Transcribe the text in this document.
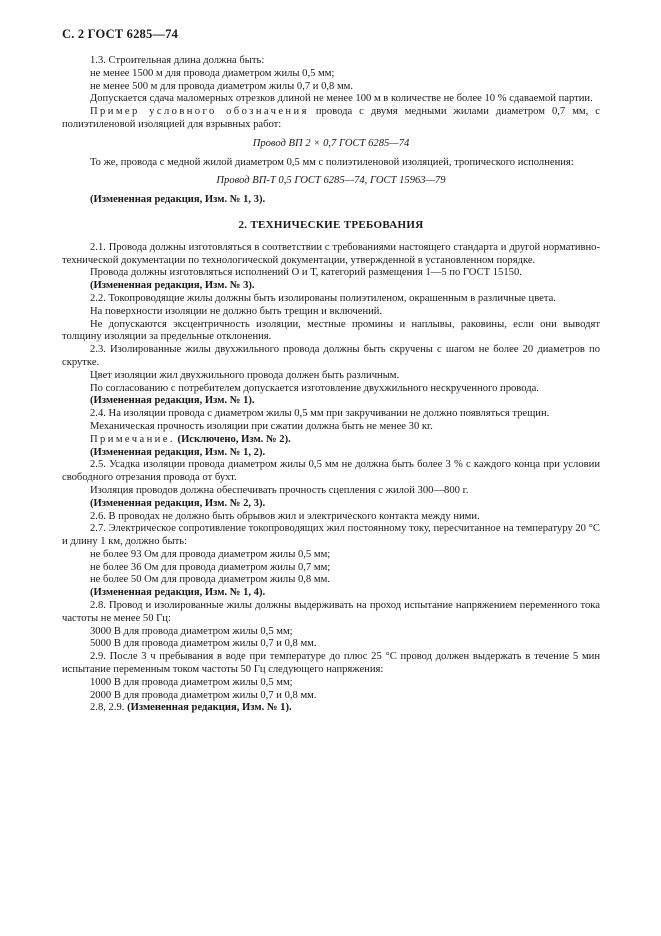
С. 2 ГОСТ 6285—74

1.3. Строительная длина должна быть:

не менее 1500 м для провода диаметром жилы 0,5 мм;

не менее 500 м для провода диаметром жилы 0,7 и 0,8 мм.

Допускается сдача маломерных отрезков длиной не менее 100 м в количестве не более 10 % сдаваемой партии.

Пример условного обозначения провода с двумя медными жилами диаметром 0,7 мм, с полиэтиленовой изоляцией для взрывных работ:

Провод ВП 2 × 0,7 ГОСТ 6285—74

То же, провода с медной жилой диаметром 0,5 мм с полиэтиленовой изоляцией, тропического исполнения:

Провод ВП-Т 0,5 ГОСТ 6285—74, ГОСТ 15963—79

(Измененная редакция, Изм. № 1, 3).

2. ТЕХНИЧЕСКИЕ ТРЕБОВАНИЯ

2.1. Провода должны изготовляться в соответствии с требованиями настоящего стандарта и другой нормативно-технической документации по технологической документации, утвержденной в установленном порядке.

Провода должны изготовляться исполнений О и Т, категорий размещения 1—5 по ГОСТ 15150.

(Измененная редакция, Изм. № 3).

2.2. Токопроводящие жилы должны быть изолированы полиэтиленом, окрашенным в различные цвета.

На поверхности изоляции не должно быть трещин и включений.

Не допускаются эксцентричность изоляции, местные промины и наплывы, раковины, если они выводят толщину изоляции за предельные отклонения.

2.3. Изолированные жилы двухжильного провода должны быть скручены с шагом не более 20 диаметров по скрутке.

Цвет изоляции жил двухжильного провода должен быть различным.

По согласованию с потребителем допускается изготовление двухжильного нескрученного провода.

(Измененная редакция, Изм. № 1).

2.4. На изоляции провода с диаметром жилы 0,5 мм при закручивании не должно появляться трещин.

Механическая прочность изоляции при сжатии должна быть не менее 30 кг.

Примечание. (Исключено, Изм. № 2).

(Измененная редакция, Изм. № 1, 2).

2.5. Усадка изоляции провода диаметром жилы 0,5 мм не должна быть более 3 % с каждого конца при условии свободного отрезания провода от бухт.

Изоляция проводов должна обеспечивать прочность сцепления с жилой 300—800 г.

(Измененная редакция, Изм. № 2, 3).

2.6. В проводах не должно быть обрывов жил и электрического контакта между ними.

2.7. Электрическое сопротивление токопроводящих жил постоянному току, пересчитанное на температуру 20 °С и длину 1 км, должно быть:

не более 93 Ом для провода диаметром жилы 0,5 мм;

не более 36 Ом для провода диаметром жилы 0,7 мм;

не более 50 Ом для провода диаметром жилы 0,8 мм.

(Измененная редакция, Изм. № 1, 4).

2.8. Провод и изолированные жилы должны выдерживать на проход испытание напряжением переменного тока частоты не менее 50 Гц:

3000 В для провода диаметром жилы 0,5 мм;

5000 В для провода диаметром жилы 0,7 и 0,8 мм.

2.9. После 3 ч пребывания в воде при температуре до плюс 25 °С провод должен выдержать в течение 5 мин испытание переменным током частоты 50 Гц следующего напряжения:

1000 В для провода диаметром жилы 0,5 мм;

2000 В для провода диаметром жилы 0,7 и 0,8 мм.

2.8, 2.9. (Измененная редакция, Изм. № 1).
